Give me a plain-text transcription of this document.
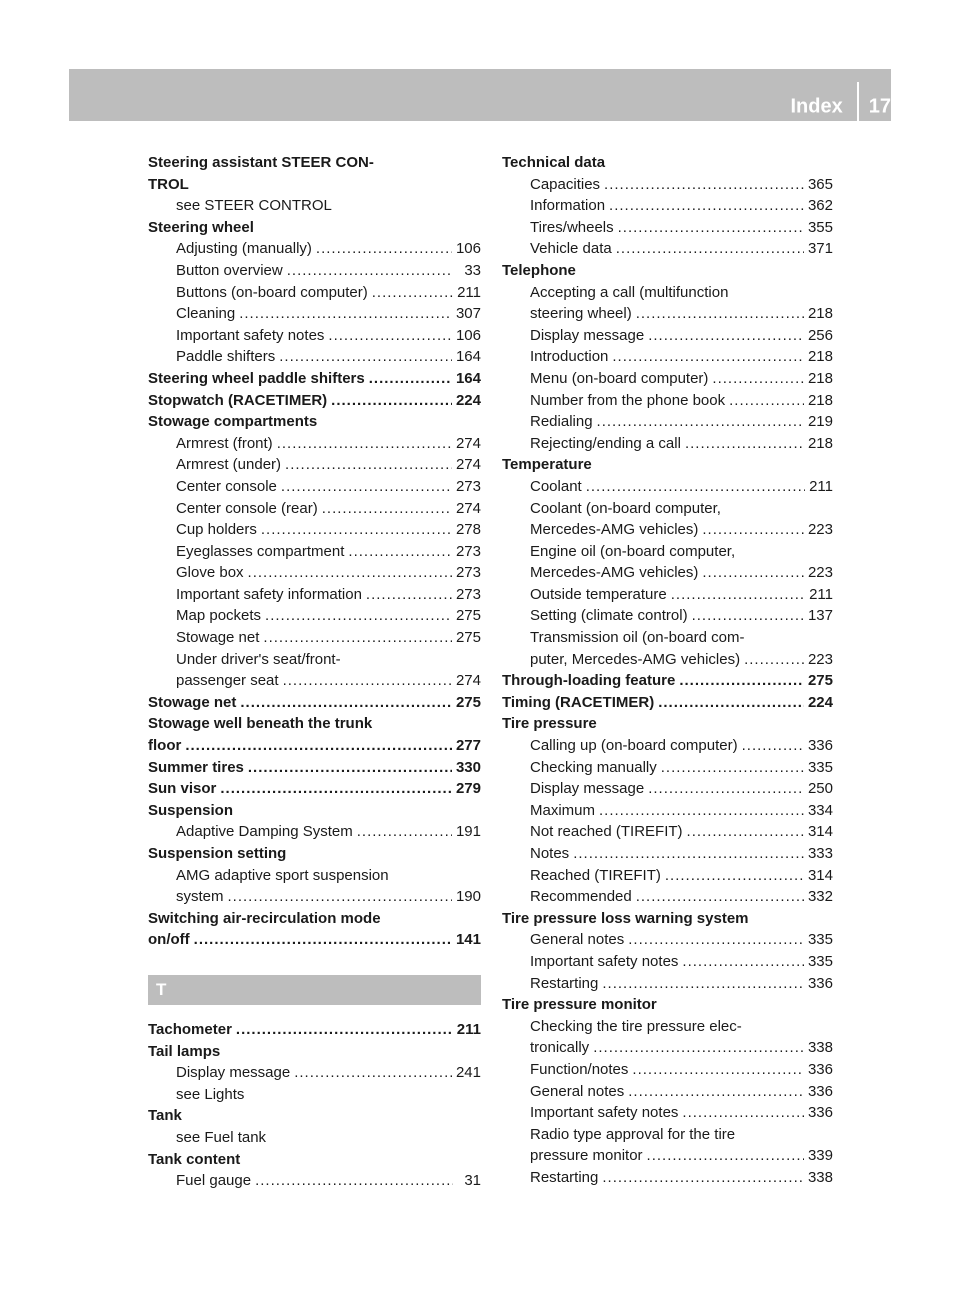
Index 17
Steering assistant STEER CON-
TROL
see STEER CONTROL
Steering wheel
Adjusting (manually) .....	106
Button overview .....	33
Buttons (on-board computer) .....	211
Cleaning .....	307
Important safety notes .....	106
Paddle shifters .....	164
Steering wheel paddle shifters .....	164
Stopwatch (RACETIMER) .....	224
Stowage compartments
Armrest (front) .....	274
Armrest (under) .....	274
Center console .....	273
Center console (rear) .....	274
Cup holders .....	278
Eyeglasses compartment .....	273
Glove box .....	273
Important safety information .....	273
Map pockets .....	275
Stowage net .....	275
Under driver's seat/front-
passenger seat .....	274
Stowage net .....	275
Stowage well beneath the trunk
floor .....	277
Summer tires .....	330
Sun visor .....	279
Suspension
Adaptive Damping System .....	191
Suspension setting
AMG adaptive sport suspension
system .....	190
Switching air-recirculation mode
on/off .....	141
T
Tachometer .....	211
Tail lamps
Display message .....	241
see Lights
Tank
see Fuel tank
Tank content
Fuel gauge .....	31
Technical data
Capacities .....	365
Information .....	362
Tires/wheels .....	355
Vehicle data .....	371
Telephone
Accepting a call (multifunction
steering wheel) .....	218
Display message .....	256
Introduction .....	218
Menu (on-board computer) .....	218
Number from the phone book .....	218
Redialing .....	219
Rejecting/ending a call .....	218
Temperature
Coolant .....	211
Coolant (on-board computer,
Mercedes-AMG vehicles) .....	223
Engine oil (on-board computer,
Mercedes-AMG vehicles) .....	223
Outside temperature .....	211
Setting (climate control) .....	137
Transmission oil (on-board com-
puter, Mercedes-AMG vehicles) .....	223
Through-loading feature .....	275
Timing (RACETIMER) .....	224
Tire pressure
Calling up (on-board computer) .....	336
Checking manually .....	335
Display message .....	250
Maximum .....	334
Not reached (TIREFIT) .....	314
Notes .....	333
Reached (TIREFIT) .....	314
Recommended .....	332
Tire pressure loss warning system
General notes .....	335
Important safety notes .....	335
Restarting .....	336
Tire pressure monitor
Checking the tire pressure elec-
tronically .....	338
Function/notes .....	336
General notes .....	336
Important safety notes .....	336
Radio type approval for the tire
pressure monitor .....	339
Restarting .....	338
